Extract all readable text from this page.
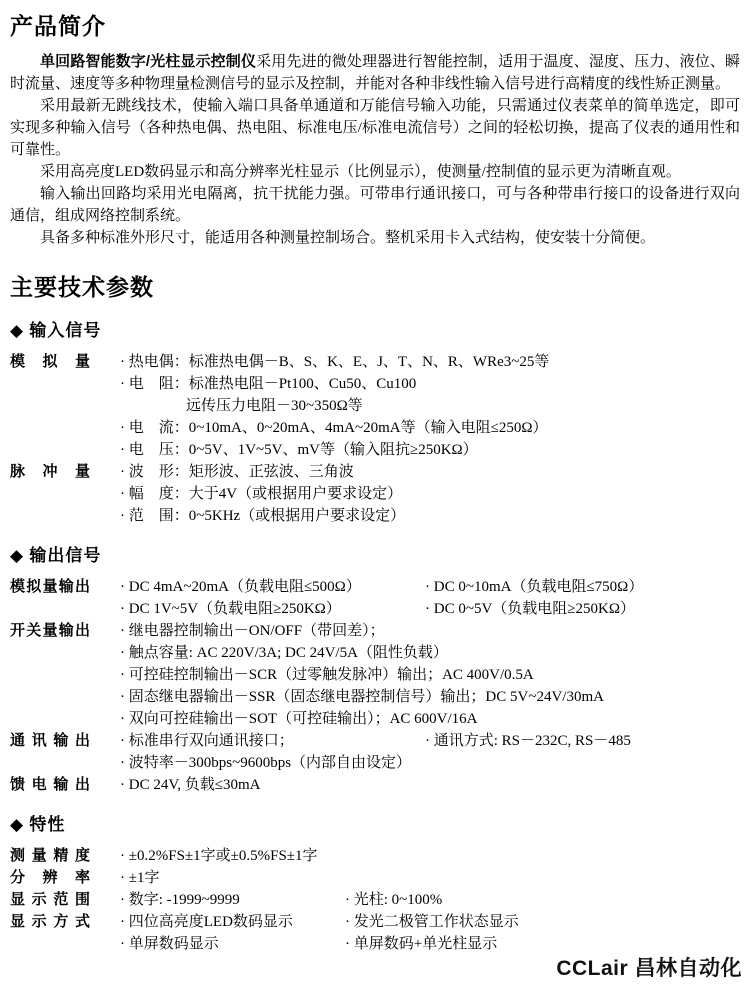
产品简介

单回路智能数字/光柱显示控制仪采用先进的微处理器进行智能控制，适用于温度、湿度、压力、液位、瞬时流量、速度等多种物理量检测信号的显示及控制，并能对各种非线性输入信号进行高精度的线性矫正测量。

采用最新无跳线技术，使输入端口具备单通道和万能信号输入功能，只需通过仪表菜单的简单选定，即可实现多种输入信号（各种热电偶、热电阻、标准电压/标准电流信号）之间的轻松切换，提高了仪表的通用性和可靠性。

采用高亮度LED数码显示和高分辨率光柱显示（比例显示），使测量/控制值的显示更为清晰直观。

输入输出回路均采用光电隔离，抗干扰能力强。可带串行通讯接口，可与各种带串行接口的设备进行双向通信，组成网络控制系统。

具备多种标准外形尺寸，能适用各种测量控制场合。整机采用卡入式结构，使安装十分简便。

主要技术参数
◆ 输入信号
模拟量 · 热电偶：标准热电偶－B、S、K、E、J、T、N、R、WRe3~25等
· 电　阻：标准热电阻－Pt100、Cu50、Cu100
远传压力电阻－30~350Ω等
· 电　流：0~10mA、0~20mA、4mA~20mA等（输入电阻≤250Ω）
· 电　压：0~5V、1V~5V、mV等（输入阻抗≥250KΩ）
脉冲量 · 波　形：矩形波、正弦波、三角波
· 幅　度：大于4V（或根据用户要求设定）
· 范　围：0~5KHz（或根据用户要求设定）
◆ 输出信号
模拟量输出 · DC 4mA~20mA（负载电阻≤500Ω）	· DC 0~10mA（负载电阻≤750Ω）
· DC 1V~5V（负载电阻≥250KΩ）	· DC 0~5V（负载电阻≥250KΩ）
开关量输出 · 继电器控制输出－ON/OFF（带回差）；
· 触点容量: AC 220V/3A; DC 24V/5A（阻性负载）
· 可控硅控制输出－SCR（过零触发脉冲）输出；AC 400V/0.5A
· 固态继电器输出－SSR（固态继电器控制信号）输出；DC 5V~24V/30mA
· 双向可控硅输出－SOT（可控硅输出）；AC 600V/16A
通讯输出 · 标准串行双向通讯接口；	· 通讯方式: RS－232C, RS－485
· 波特率－300bps~9600bps（内部自由设定）
馈电输出 · DC 24V, 负载≤30mA
◆ 特性
测量精度 · ±0.2%FS±1字或±0.5%FS±1字
分辨率 · ±1字
显示范围 · 数字: -1999~9999	· 光柱: 0~100%
显示方式 · 四位高亮度LED数码显示	· 发光二极管工作状态显示
· 单屏数码显示	· 单屏数码+单光柱显示
CCLair 昌林自动化
